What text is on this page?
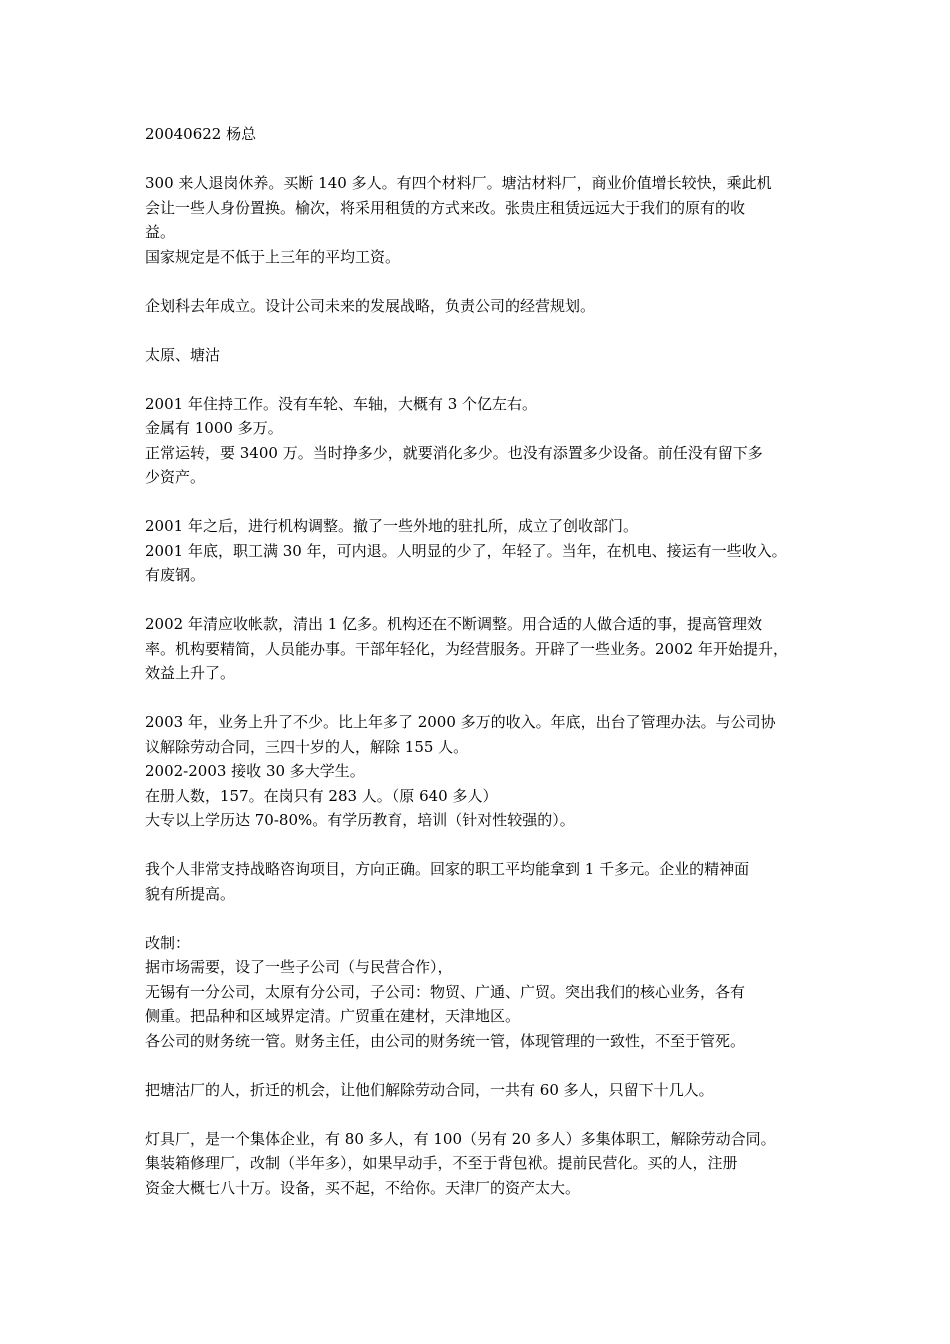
20040622 杨总
300 来人退岗休养。买断 140 多人。有四个材料厂。塘沽材料厂，商业价值增长较快，乘此机
会让一些人身份置换。榆次，将采用租赁的方式来改。张贵庄租赁远远大于我们的原有的收
益。
国家规定是不低于上三年的平均工资。
企划科去年成立。设计公司未来的发展战略，负责公司的经营规划。
太原、塘沽
2001 年住持工作。没有车轮、车轴，大概有 3 个亿左右。
金属有 1000 多万。
正常运转，要 3400 万。当时挣多少，就要消化多少。也没有添置多少设备。前任没有留下多
少资产。
2001 年之后，进行机构调整。撤了一些外地的驻扎所，成立了创收部门。
2001 年底，职工满 30 年，可内退。人明显的少了，年轻了。当年，在机电、接运有一些收入。
有废钢。
2002 年清应收帐款，清出 1 亿多。机构还在不断调整。用合适的人做合适的事，提高管理效
率。机构要精简，人员能办事。干部年轻化，为经营服务。开辟了一些业务。2002 年开始提升，
效益上升了。
2003 年，业务上升了不少。比上年多了 2000 多万的收入。年底，出台了管理办法。与公司协
议解除劳动合同，三四十岁的人，解除 155 人。
2002-2003 接收 30 多大学生。
在册人数，157。在岗只有 283 人。（原 640 多人）
大专以上学历达 70-80%。有学历教育，培训（针对性较强的）。
我个人非常支持战略咨询项目，方向正确。回家的职工平均能拿到 1 千多元。企业的精神面
貌有所提高。
改制：
据市场需要，设了一些子公司（与民营合作），
无锡有一分公司，太原有分公司，子公司：物贸、广通、广贸。突出我们的核心业务，各有
侧重。把品种和区域界定清。广贸重在建材，天津地区。
各公司的财务统一管。财务主任，由公司的财务统一管，体现管理的一致性，不至于管死。
把塘沽厂的人，折迁的机会，让他们解除劳动合同，一共有 60 多人，只留下十几人。
灯具厂，是一个集体企业，有 80 多人，有 100（另有 20 多人）多集体职工，解除劳动合同。
集装箱修理厂，改制（半年多），如果早动手，不至于背包袱。提前民营化。买的人，注册
资金大概七八十万。设备，买不起，不给你。天津厂的资产太大。
